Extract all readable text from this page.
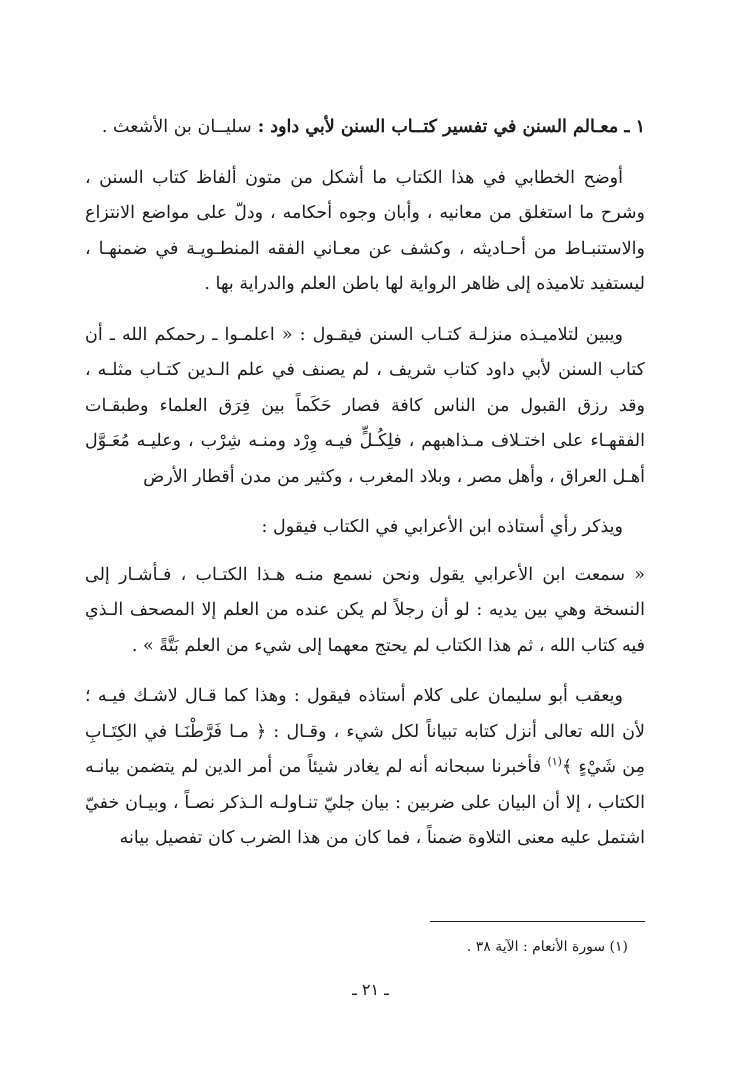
١ ـ معـالم السنن في تفسير كتــاب السنن لأبي داود : سليــان بن الأشعث .

أوضح الخطابي في هذا الكتاب ما أشكل من متون ألفاظ كتاب السنن ، وشرح ما استغلق من معانيه ، وأبان وجوه أحكامه ، ودلّ على مواضع الانتزاع والاستنبـاط من أحـاديثه ، وكشف عن معـاني الفقه المنطـويـة في ضمنهـا ، ليستفيد تلاميذه إلى ظاهر الرواية لها باطن العلم والدراية بها .

ويبين لتلاميـذه منزلـة كتـاب السنن فيقـول : « اعلمـوا ـ رحمكم الله ـ أن كتاب السنن لأبي داود كتاب شريف ، لم يصنف في علم الـدين كتـاب مثلـه ، وقد رزق القبول من الناس كافة فصار حَكَماً بين فِرَق العلماء وطبقـات الفقهـاء على اختـلاف مـذاهبهم ، فلِكُـلٍّ فيـه وِرْد ومنـه شِرْب ، وعليـه مُعَـوَّل أهـل العراق ، وأهل مصر ، وبلاد المغرب ، وكثير من مدن أقطار الأرض

ويذكر رأي أستاذه ابن الأعرابي في الكتاب فيقول :

« سمعت ابن الأعرابي يقول ونحن نسمع منـه هـذا الكتـاب ، فـأشـار إلى النسخة وهي بين يديه : لو أن رجلاً لم يكن عنده من العلم إلا المصحف الـذي فيه كتاب الله ، ثم هذا الكتاب لم يحتج معهما إلى شيء من العلم بَتَّةً » .

ويعقب أبو سليمان على كلام أستاذه فيقول : وهذا كما قـال لاشـك فيـه ؛ لأن الله تعالى أنزل كتابه تبياناً لكل شيء ، وقـال : ﴿ مـا فَرَّطْنَـا في الكِتَـابِ مِن شَيْءٍ ﴾$^{(١)}$ فأخبرنا سبحانه أنه لم يغادر شيئاً من أمر الدين لم يتضمن بيانـه الكتاب ، إلا أن البيان على ضربين : بيان جليّ تنـاولـه الـذكر نصـاً ، وبيـان خفيّ اشتمل عليه معنى التلاوة ضمناً ، فما كان من هذا الضرب كان تفصيل بيانه

(١) سورة الأنعام : الآية ٣٨ .
ـ ٢١ ـ
